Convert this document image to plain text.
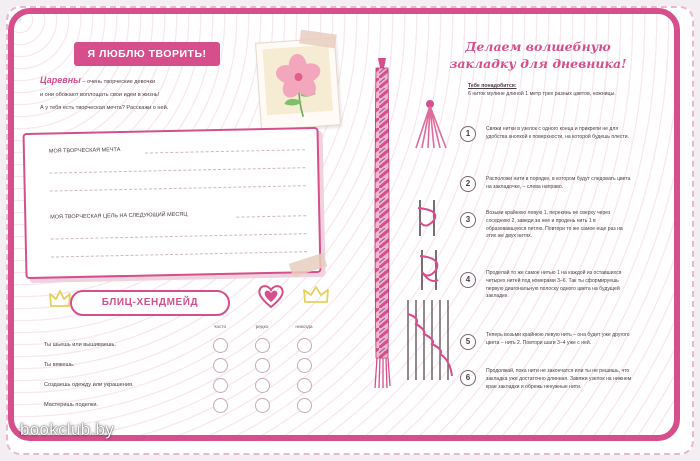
Я ЛЮБЛЮ ТВОРИТЬ!
Царевны – очень творческие девочки
и они обожают воплощать свои идеи в жизнь!
А у тебя есть творческая мечта? Расскажи о ней.
МОЯ ТВОРЧЕСКАЯ МЕЧТА
МОЯ ТВОРЧЕСКАЯ ЦЕЛЬ НА СЛЕДУЮЩИЙ МЕСЯЦ
БЛИЦ-ХЕНДМЕЙД
часто	редко	никогда
Ты шьешь или вышиваешь.
Ты вяжешь.
Создаешь одежду или украшения.
Мастеришь поделки.
Делаем волшебную закладку для дневника!
Тебе понадобится:
6 ниток мулине длиной 1 метр трех разных цветов, ножницы.
1	Свяжи нитки в узелок с одного конца и прикрепи не для удобства кнопкой к поверхности, на которой будешь плести.
2	Расположи нити в порядке, в котором будут следовать цвета на закладочке, – слева направо.
3
Возьми крайнюю левую 1, перекинь ее сверху через соседнюю 2, заведи за нее и продень нить 1 в образовавшуюся петлю. Повтори то же самое еще раз на этих же двух нитях.
4
Проделай то же самое нитью 1 на каждой из оставшихся четырех нитей под номерами 3–6. Так ты сформируешь первую диагональную полоску одного цвета на будущей закладке.
5
Теперь возьми крайнюю левую нить – она будет уже другого цвета – нить 2. Повтори шаги 3–4 уже с ней.
6
Продолжай, пока нити не закончатся или ты не решишь, что закладка уже достаточно длинная. Завяжи узелок на нижнем крае закладки и обрежь ненужные нити.
bookclub.by
